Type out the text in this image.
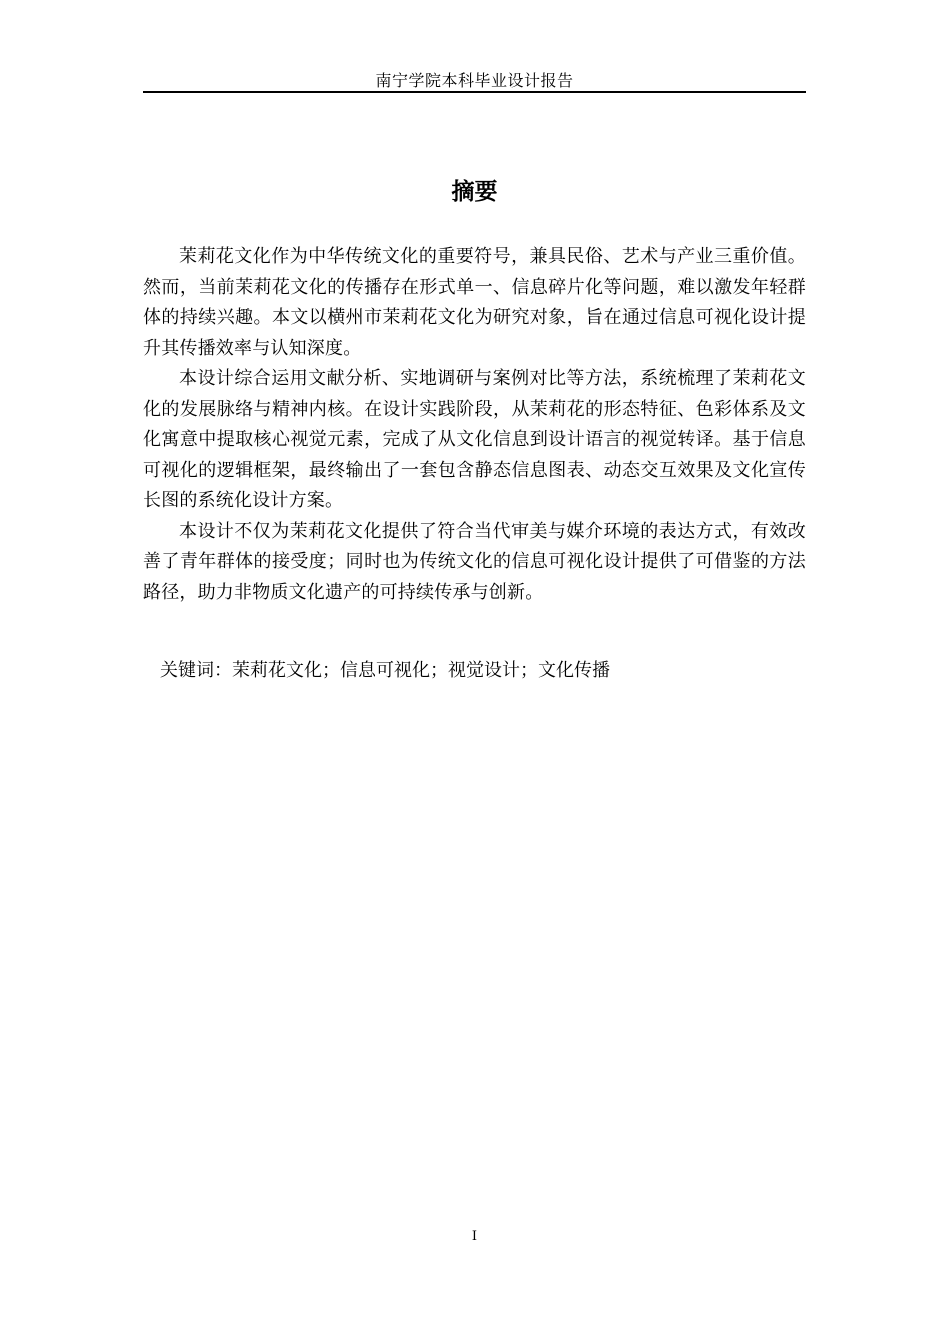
南宁学院本科毕业设计报告
摘要

茉莉花文化作为中华传统文化的重要符号，兼具民俗、艺术与产业三重价值。然而，当前茉莉花文化的传播存在形式单一、信息碎片化等问题，难以激发年轻群体的持续兴趣。本文以横州市茉莉花文化为研究对象，旨在通过信息可视化设计提升其传播效率与认知深度。

本设计综合运用文献分析、实地调研与案例对比等方法，系统梳理了茉莉花文化的发展脉络与精神内核。在设计实践阶段，从茉莉花的形态特征、色彩体系及文化寓意中提取核心视觉元素，完成了从文化信息到设计语言的视觉转译。基于信息可视化的逻辑框架，最终输出了一套包含静态信息图表、动态交互效果及文化宣传长图的系统化设计方案。

本设计不仅为茉莉花文化提供了符合当代审美与媒介环境的表达方式，有效改善了青年群体的接受度；同时也为传统文化的信息可视化设计提供了可借鉴的方法路径，助力非物质文化遗产的可持续传承与创新。

关键词：茉莉花文化；信息可视化；视觉设计；文化传播
I
